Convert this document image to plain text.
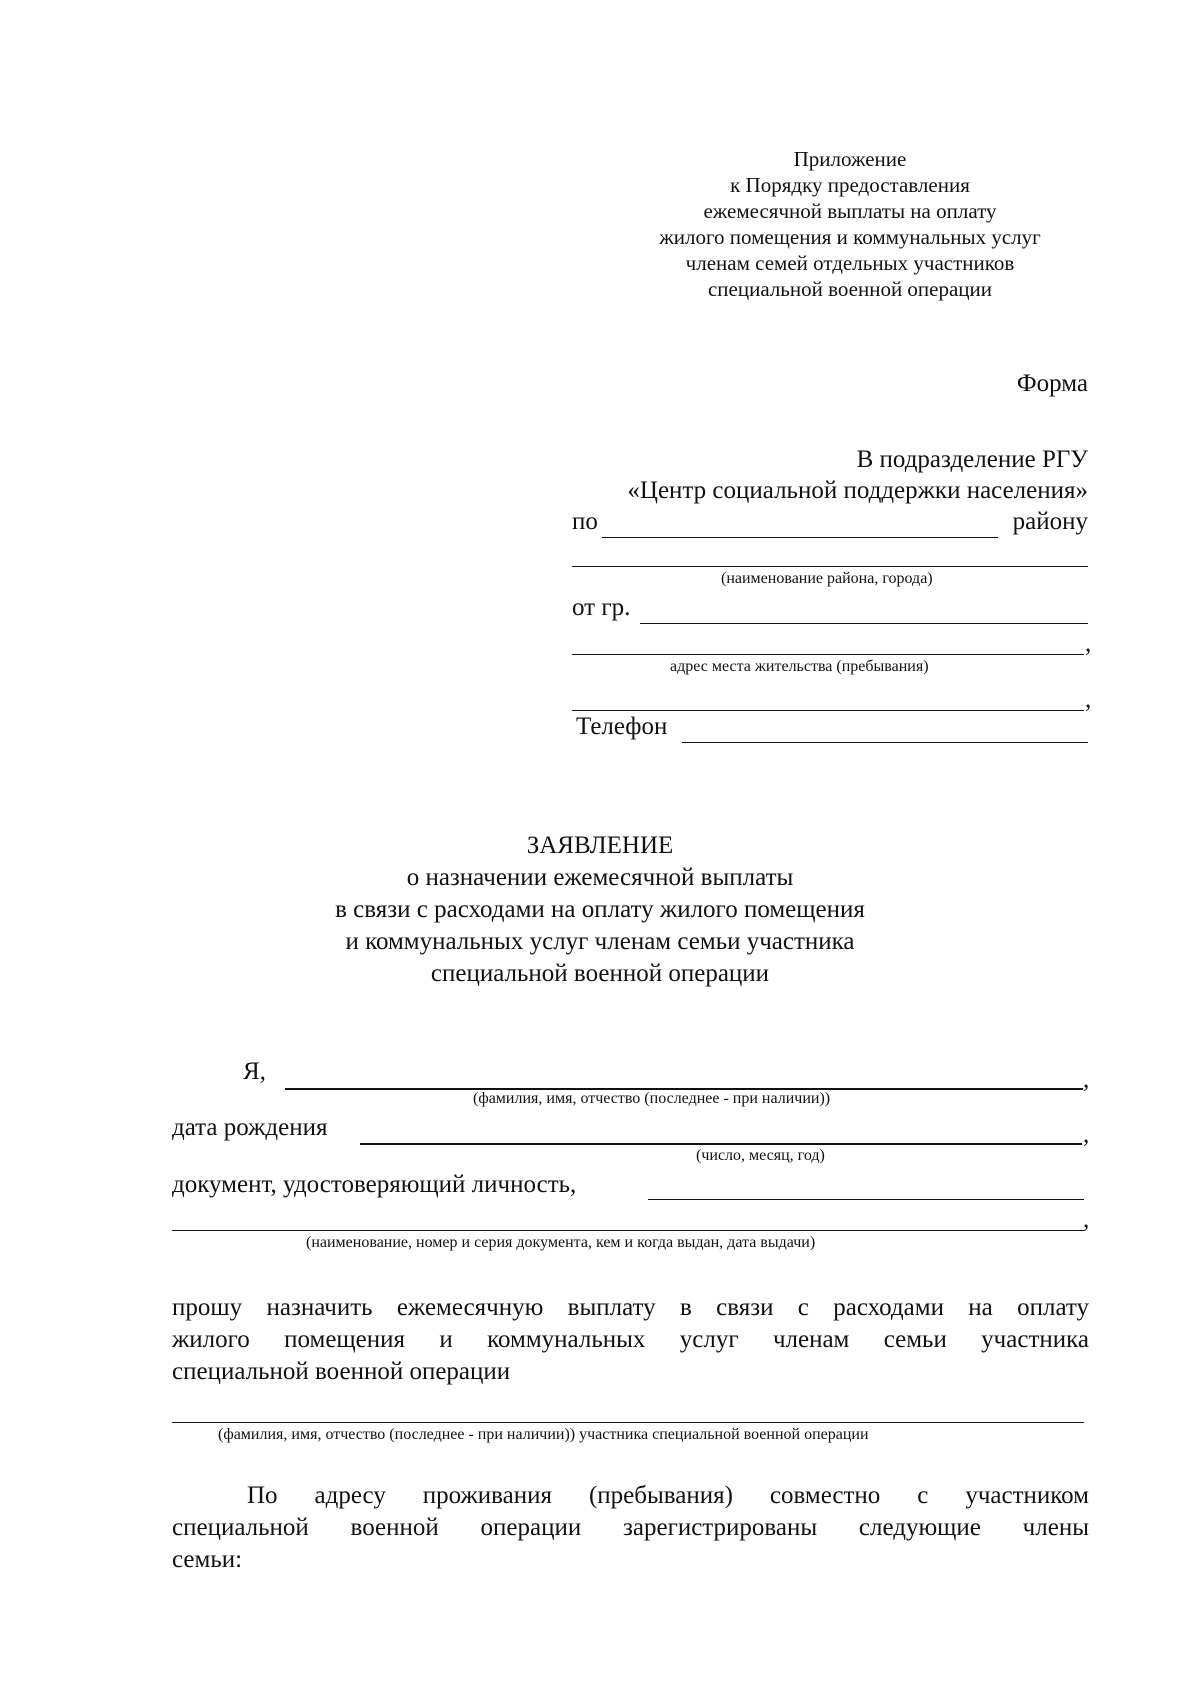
Приложение
к Порядку предоставления
ежемесячной выплаты на оплату
жилого помещения и коммунальных услуг
членам семей отдельных участников
специальной военной операции
Форма
В подразделение РГУ
«Центр социальной поддержки населения»
по	району
(наименование района, города)
от гр.
,
адрес места жительства (пребывания)
,
Телефон
ЗАЯВЛЕНИЕ
о назначении ежемесячной выплаты
в связи с расходами на оплату жилого помещения
и коммунальных услуг членам семьи участника
специальной военной операции
Я,	,
(фамилия, имя, отчество (последнее - при наличии))
дата рождения	,
(число, месяц, год)
документ, удостоверяющий личность,
,
(наименование, номер и серия документа, кем и когда выдан, дата выдачи)
прошу назначить ежемесячную выплату в связи с расходами на оплату
жилого помещения и коммунальных услуг членам семьи участника
специальной военной операции
(фамилия, имя, отчество (последнее - при наличии)) участника специальной военной операции
По адресу проживания (пребывания) совместно с участником
специальной военной операции зарегистрированы следующие члены
семьи:
